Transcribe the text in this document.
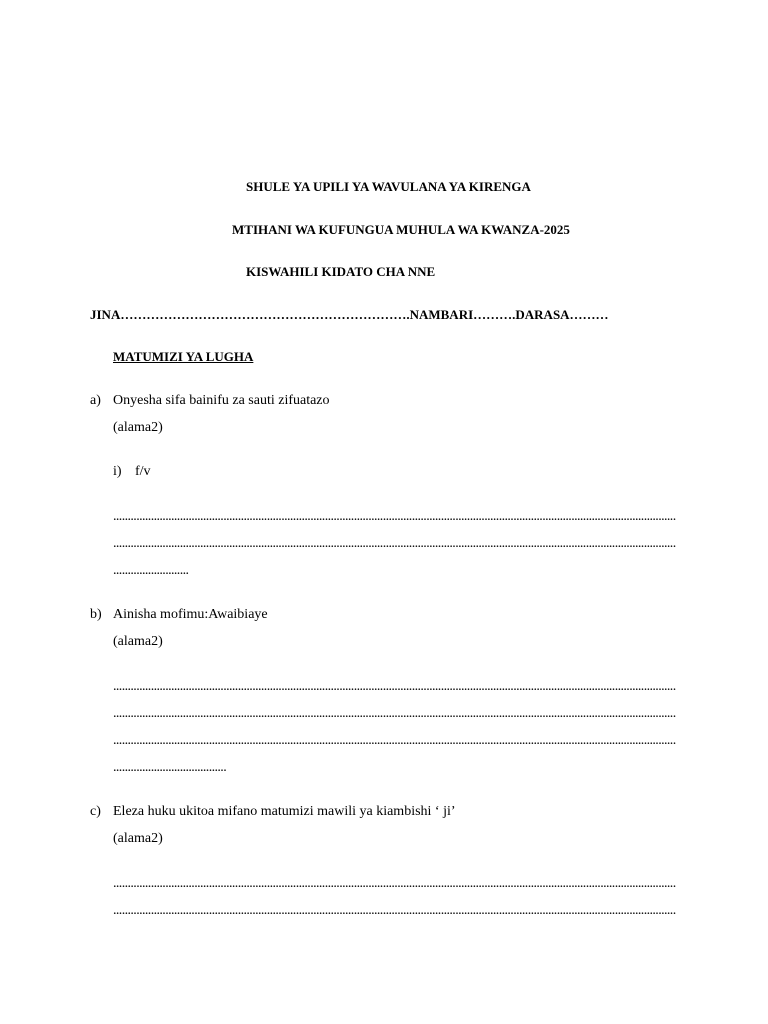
SHULE YA UPILI YA WAVULANA YA KIRENGA
MTIHANI WA KUFUNGUA MUHULA WA KWANZA-2025
KISWAHILI KIDATO CHA NNE
JINA………………………………………………………….NAMBARI……….DARASA………
MATUMIZI YA LUGHA
a) Onyesha sifa bainifu za sauti zifuatazo
(alama2)
i) f/v
..................................................................................................................................................................................................
..................................................................................................................................................................................................
..........................
b) Ainisha mofimu:Awaibiaye
(alama2)
..................................................................................................................................................................................................
..................................................................................................................................................................................................
..................................................................................................................................................................................................
.......................................
c) Eleza huku ukitoa mifano matumizi mawili ya kiambishi ‘ ji’
(alama2)
..................................................................................................................................................................................................
..................................................................................................................................................................................................
